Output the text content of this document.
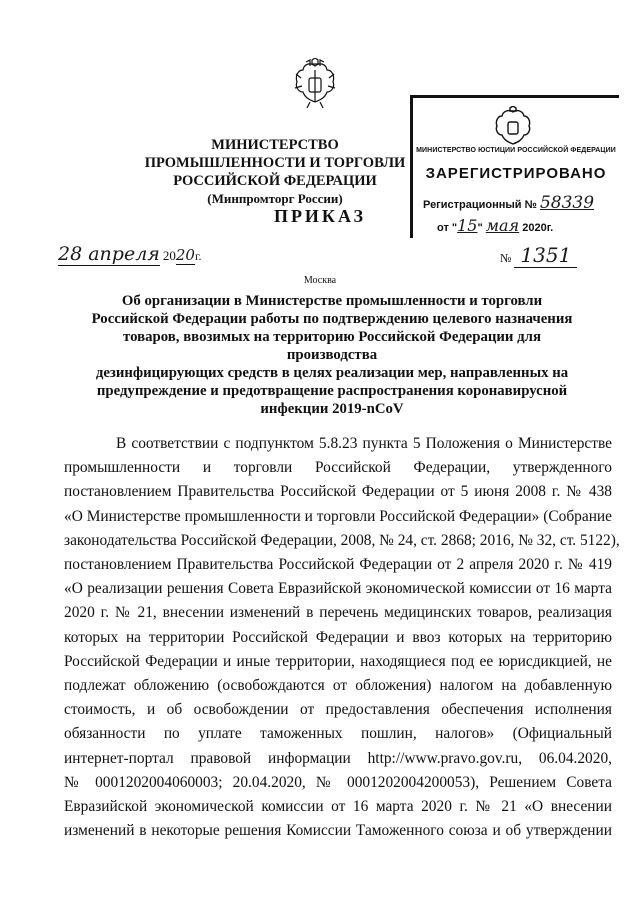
МИНИСТЕРСТВО ПРОМЫШЛЕННОСТИ И ТОРГОВЛИ
РОССИЙСКОЙ ФЕДЕРАЦИИ
(Минпромторг России)
ПРИКАЗ
МИНИСТЕРСТВО ЮСТИЦИИ РОССИЙСКОЙ ФЕДЕРАЦИИ
ЗАРЕГИСТРИРОВАНО
Регистрационный № 58339
от "15" мая 2020г.
28 апреля 2020г.	№ 1351
Москва
Об организации в Министерстве промышленности и торговли
Российской Федерации работы по подтверждению целевого назначения
товаров, ввозимых на территорию Российской Федерации для производства
дезинфицирующих средств в целях реализации мер, направленных на
предупреждение и предотвращение распространения коронавирусной
инфекции 2019-nCoV
В соответствии с подпунктом 5.8.23 пункта 5 Положения о Министерстве
промышленности и торговли Российской Федерации, утвержденного
постановлением Правительства Российской Федерации от 5 июня 2008 г. № 438
«О Министерстве промышленности и торговли Российской Федерации» (Собрание
законодательства Российской Федерации, 2008, № 24, ст. 2868; 2016, № 32, ст. 5122),
постановлением Правительства Российской Федерации от 2 апреля 2020 г. № 419
«О реализации решения Совета Евразийской экономической комиссии от 16 марта
2020 г. № 21, внесении изменений в перечень медицинских товаров, реализация
которых на территории Российской Федерации и ввоз которых на территорию
Российской Федерации и иные территории, находящиеся под ее юрисдикцией, не
подлежат обложению (освобождаются от обложения) налогом на добавленную
стоимость, и об освобождении от предоставления обеспечения исполнения
обязанности по уплате таможенных пошлин, налогов» (Официальный
интернет-портал правовой информации http://www.pravo.gov.ru, 06.04.2020,
№ 0001202004060003; 20.04.2020, № 0001202004200053), Решением Совета
Евразийской экономической комиссии от 16 марта 2020 г. № 21 «О внесении
изменений в некоторые решения Комиссии Таможенного союза и об утверждении
